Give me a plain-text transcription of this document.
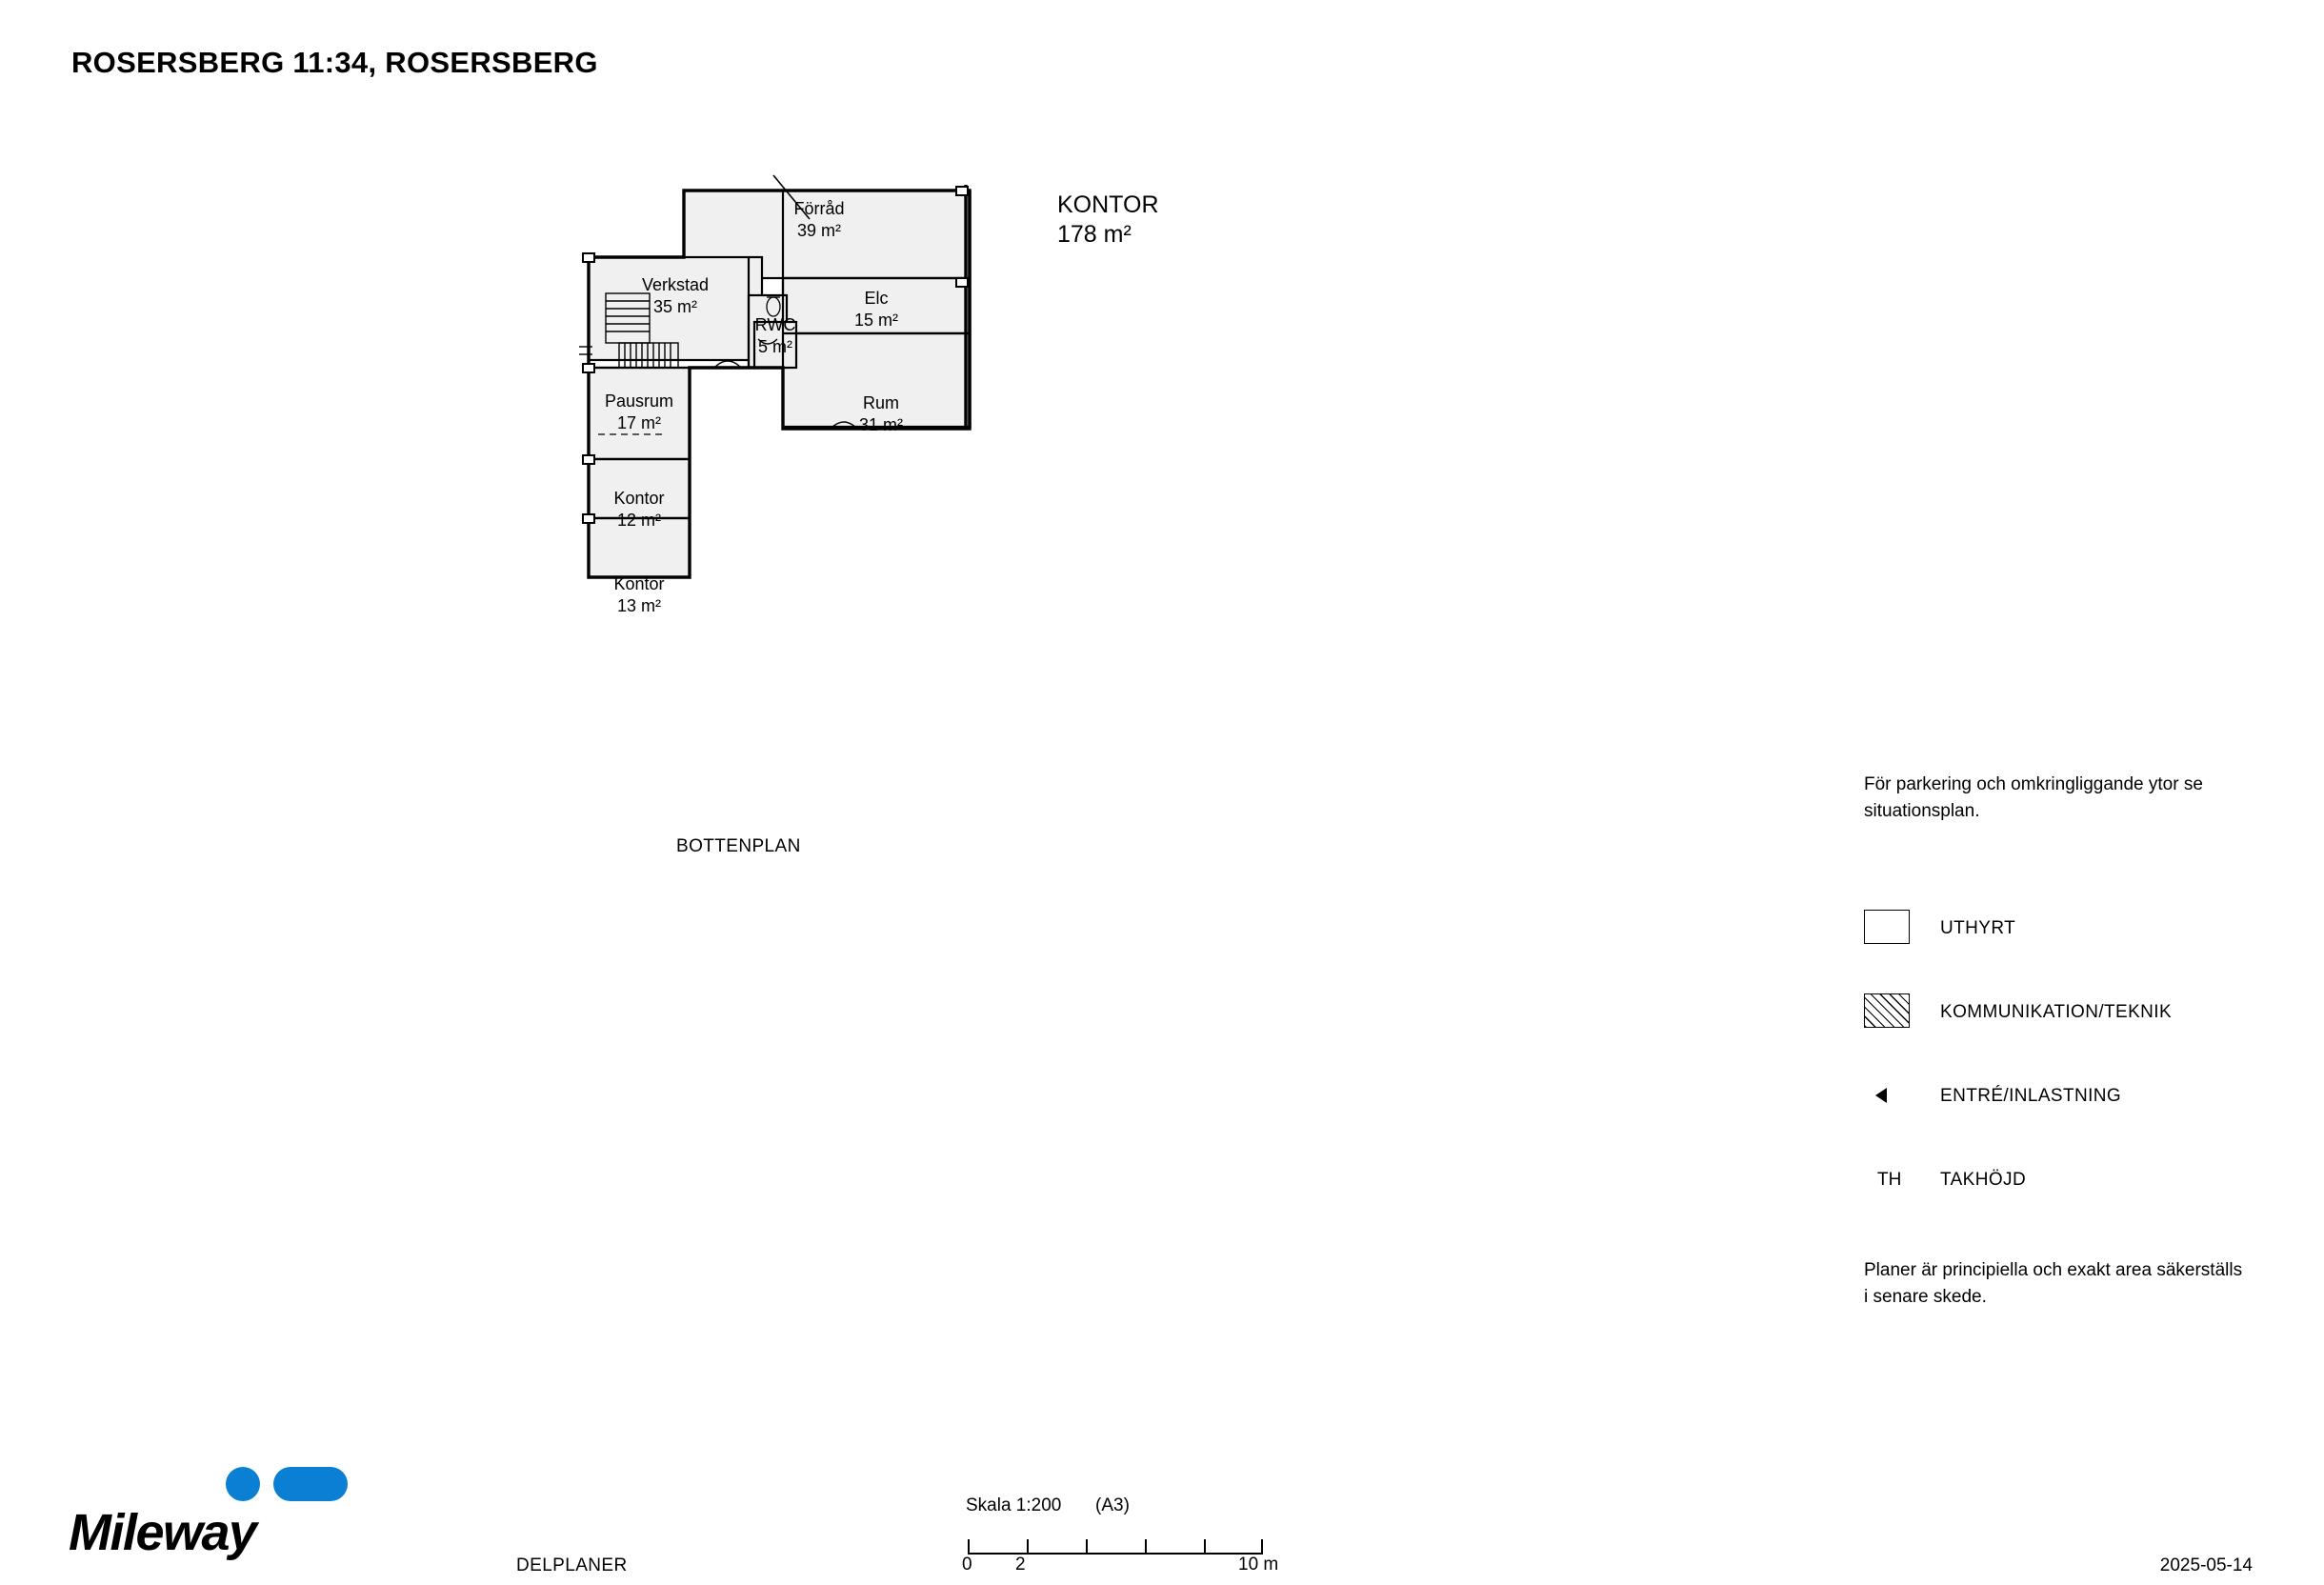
ROSERSBERG 11:34, ROSERSBERG
KONTOR
178 m²
Förråd
39 m²
Elc
15 m²
Verkstad
35 m²
RWC
5 m²
Rum
31 m²
Pausrum
17 m²
Kontor
12 m²
Kontor
13 m²
BOTTENPLAN
För parkering och omkringliggande ytor se situationsplan.
UTHYRT
KOMMUNIKATION/TEKNIK
ENTRÉ/INLASTNING
TH TAKHÖJD
Planer är principiella och exakt area säkerställs i senare skede.
Mileway
DELPLANER
Skala 1:200 (A3)
0 2	10 m	2025-05-14
